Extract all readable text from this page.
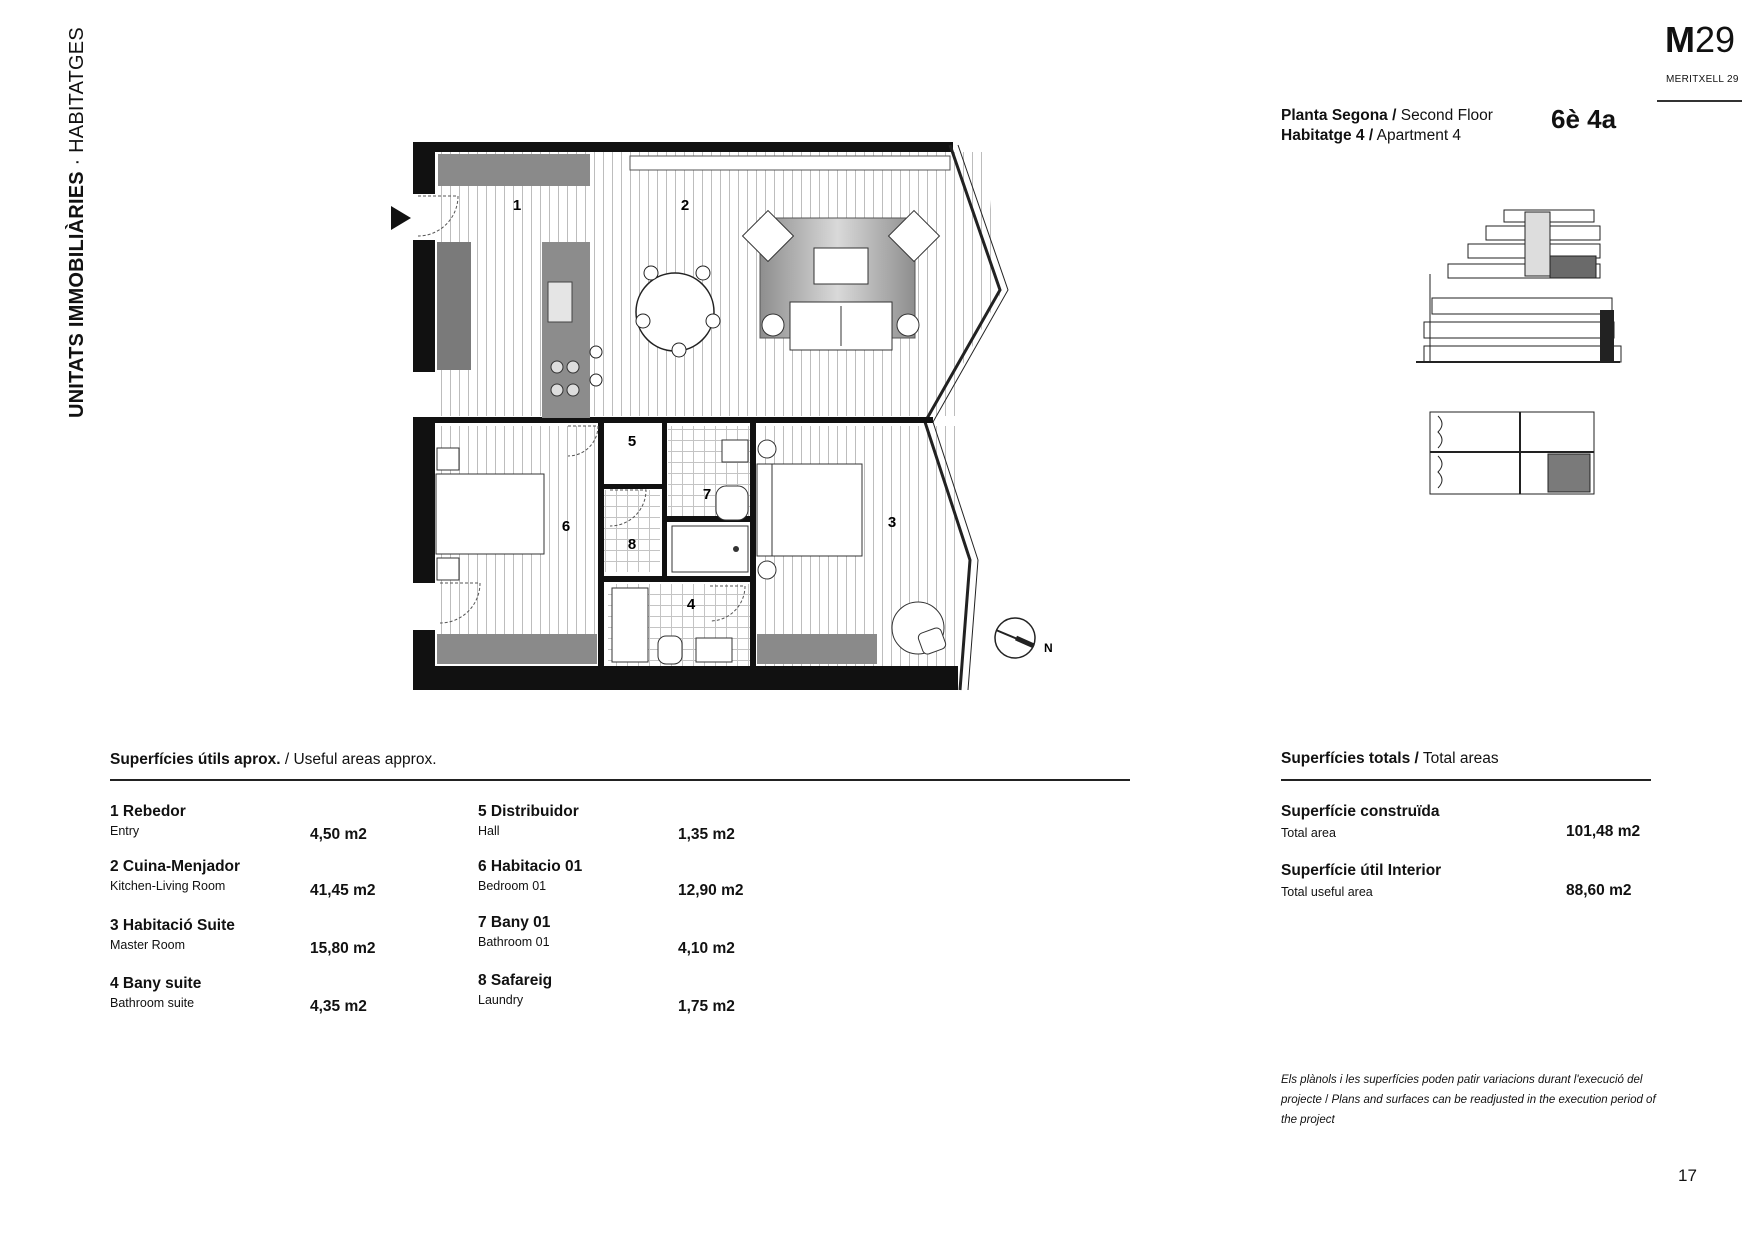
UNITATS IMMOBILIÀRIES · HABITATGES	M29
MERITXELL 29
Planta Segona / Second Floor
Habitatge 4 / Apartment 4
6è 4a
1	2
3
4
5
6
7
8
N
Superfícies útils aprox. / Useful areas approx.
1 Rebedor
Entry	4,50 m2
2 Cuina-Menjador
Kitchen-Living Room	41,45 m2
3 Habitació Suite
Master Room	15,80 m2
4 Bany suite
Bathroom suite	4,35 m2
5 Distribuidor
Hall	1,35 m2
6 Habitacio 01
Bedroom 01	12,90 m2
7 Bany 01
Bathroom 01	4,10 m2
8 Safareig
Laundry	1,75 m2
Superfícies totals / Total areas
Superfície construïda
Total area	101,48 m2
Superfície útil Interior
Total useful area	88,60 m2
Els plànols i les superfícies poden patir variacions durant l'execució del projecte / Plans and surfaces can be readjusted in the execution period of the project
17
